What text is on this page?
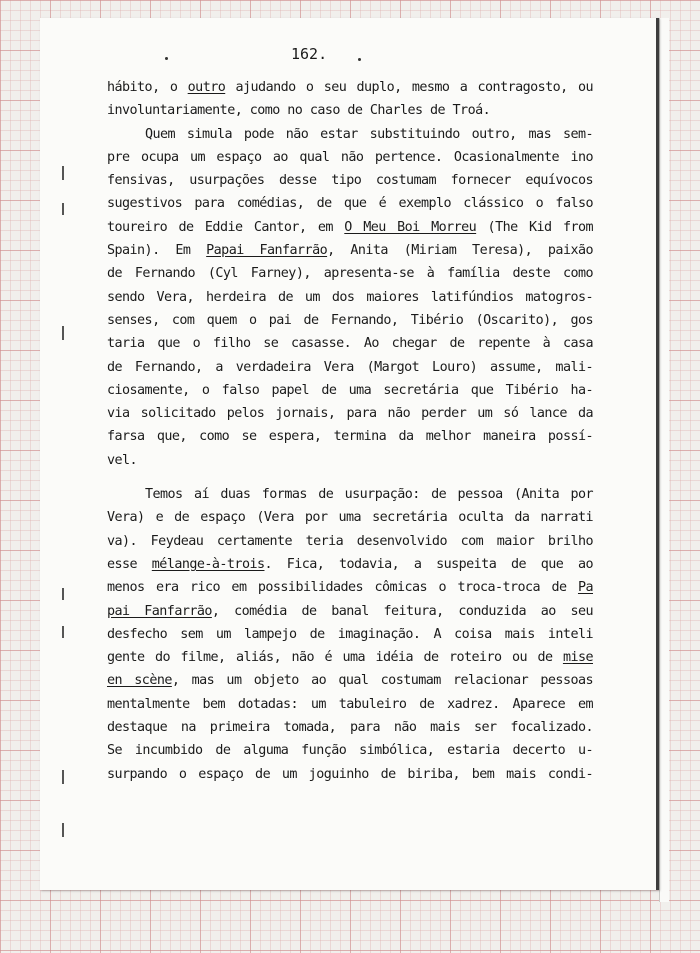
162.
hábito, o outro ajudando o seu duplo, mesmo a contragosto, ou
involuntariamente, como no caso de Charles de Troá.
Quem simula pode não estar substituindo outro, mas sem-
pre ocupa um espaço ao qual não pertence. Ocasionalmente ino
fensivas, usurpações desse tipo costumam fornecer equívocos
sugestivos para comédias, de que é exemplo clássico o falso
toureiro de Eddie Cantor, em O Meu Boi Morreu (The Kid from
Spain). Em Papai Fanfarrão, Anita (Miriam Teresa), paixão
de Fernando (Cyl Farney), apresenta-se à família deste como
sendo Vera, herdeira de um dos maiores latifúndios matogros-
senses, com quem o pai de Fernando, Tibério (Oscarito), gos
taria que o filho se casasse. Ao chegar de repente à casa
de Fernando, a verdadeira Vera (Margot Louro) assume, mali-
ciosamente, o falso papel de uma secretária que Tibério ha-
via solicitado pelos jornais, para não perder um só lance da
farsa que, como se espera, termina da melhor maneira possí-
vel.
Temos aí duas formas de usurpação: de pessoa (Anita por
Vera) e de espaço (Vera por uma secretária oculta da narrati
va). Feydeau certamente teria desenvolvido com maior brilho
esse mélange-à-trois. Fica, todavia, a suspeita de que ao
menos era rico em possibilidades cômicas o troca-troca de Pa
pai Fanfarrão, comédia de banal feitura, conduzida ao seu
desfecho sem um lampejo de imaginação. A coisa mais inteli
gente do filme, aliás, não é uma idéia de roteiro ou de mise
en scène, mas um objeto ao qual costumam relacionar pessoas
mentalmente bem dotadas: um tabuleiro de xadrez. Aparece em
destaque na primeira tomada, para não mais ser focalizado.
Se incumbido de alguma função simbólica, estaria decerto u-
surpando o espaço de um joguinho de biriba, bem mais condi-
